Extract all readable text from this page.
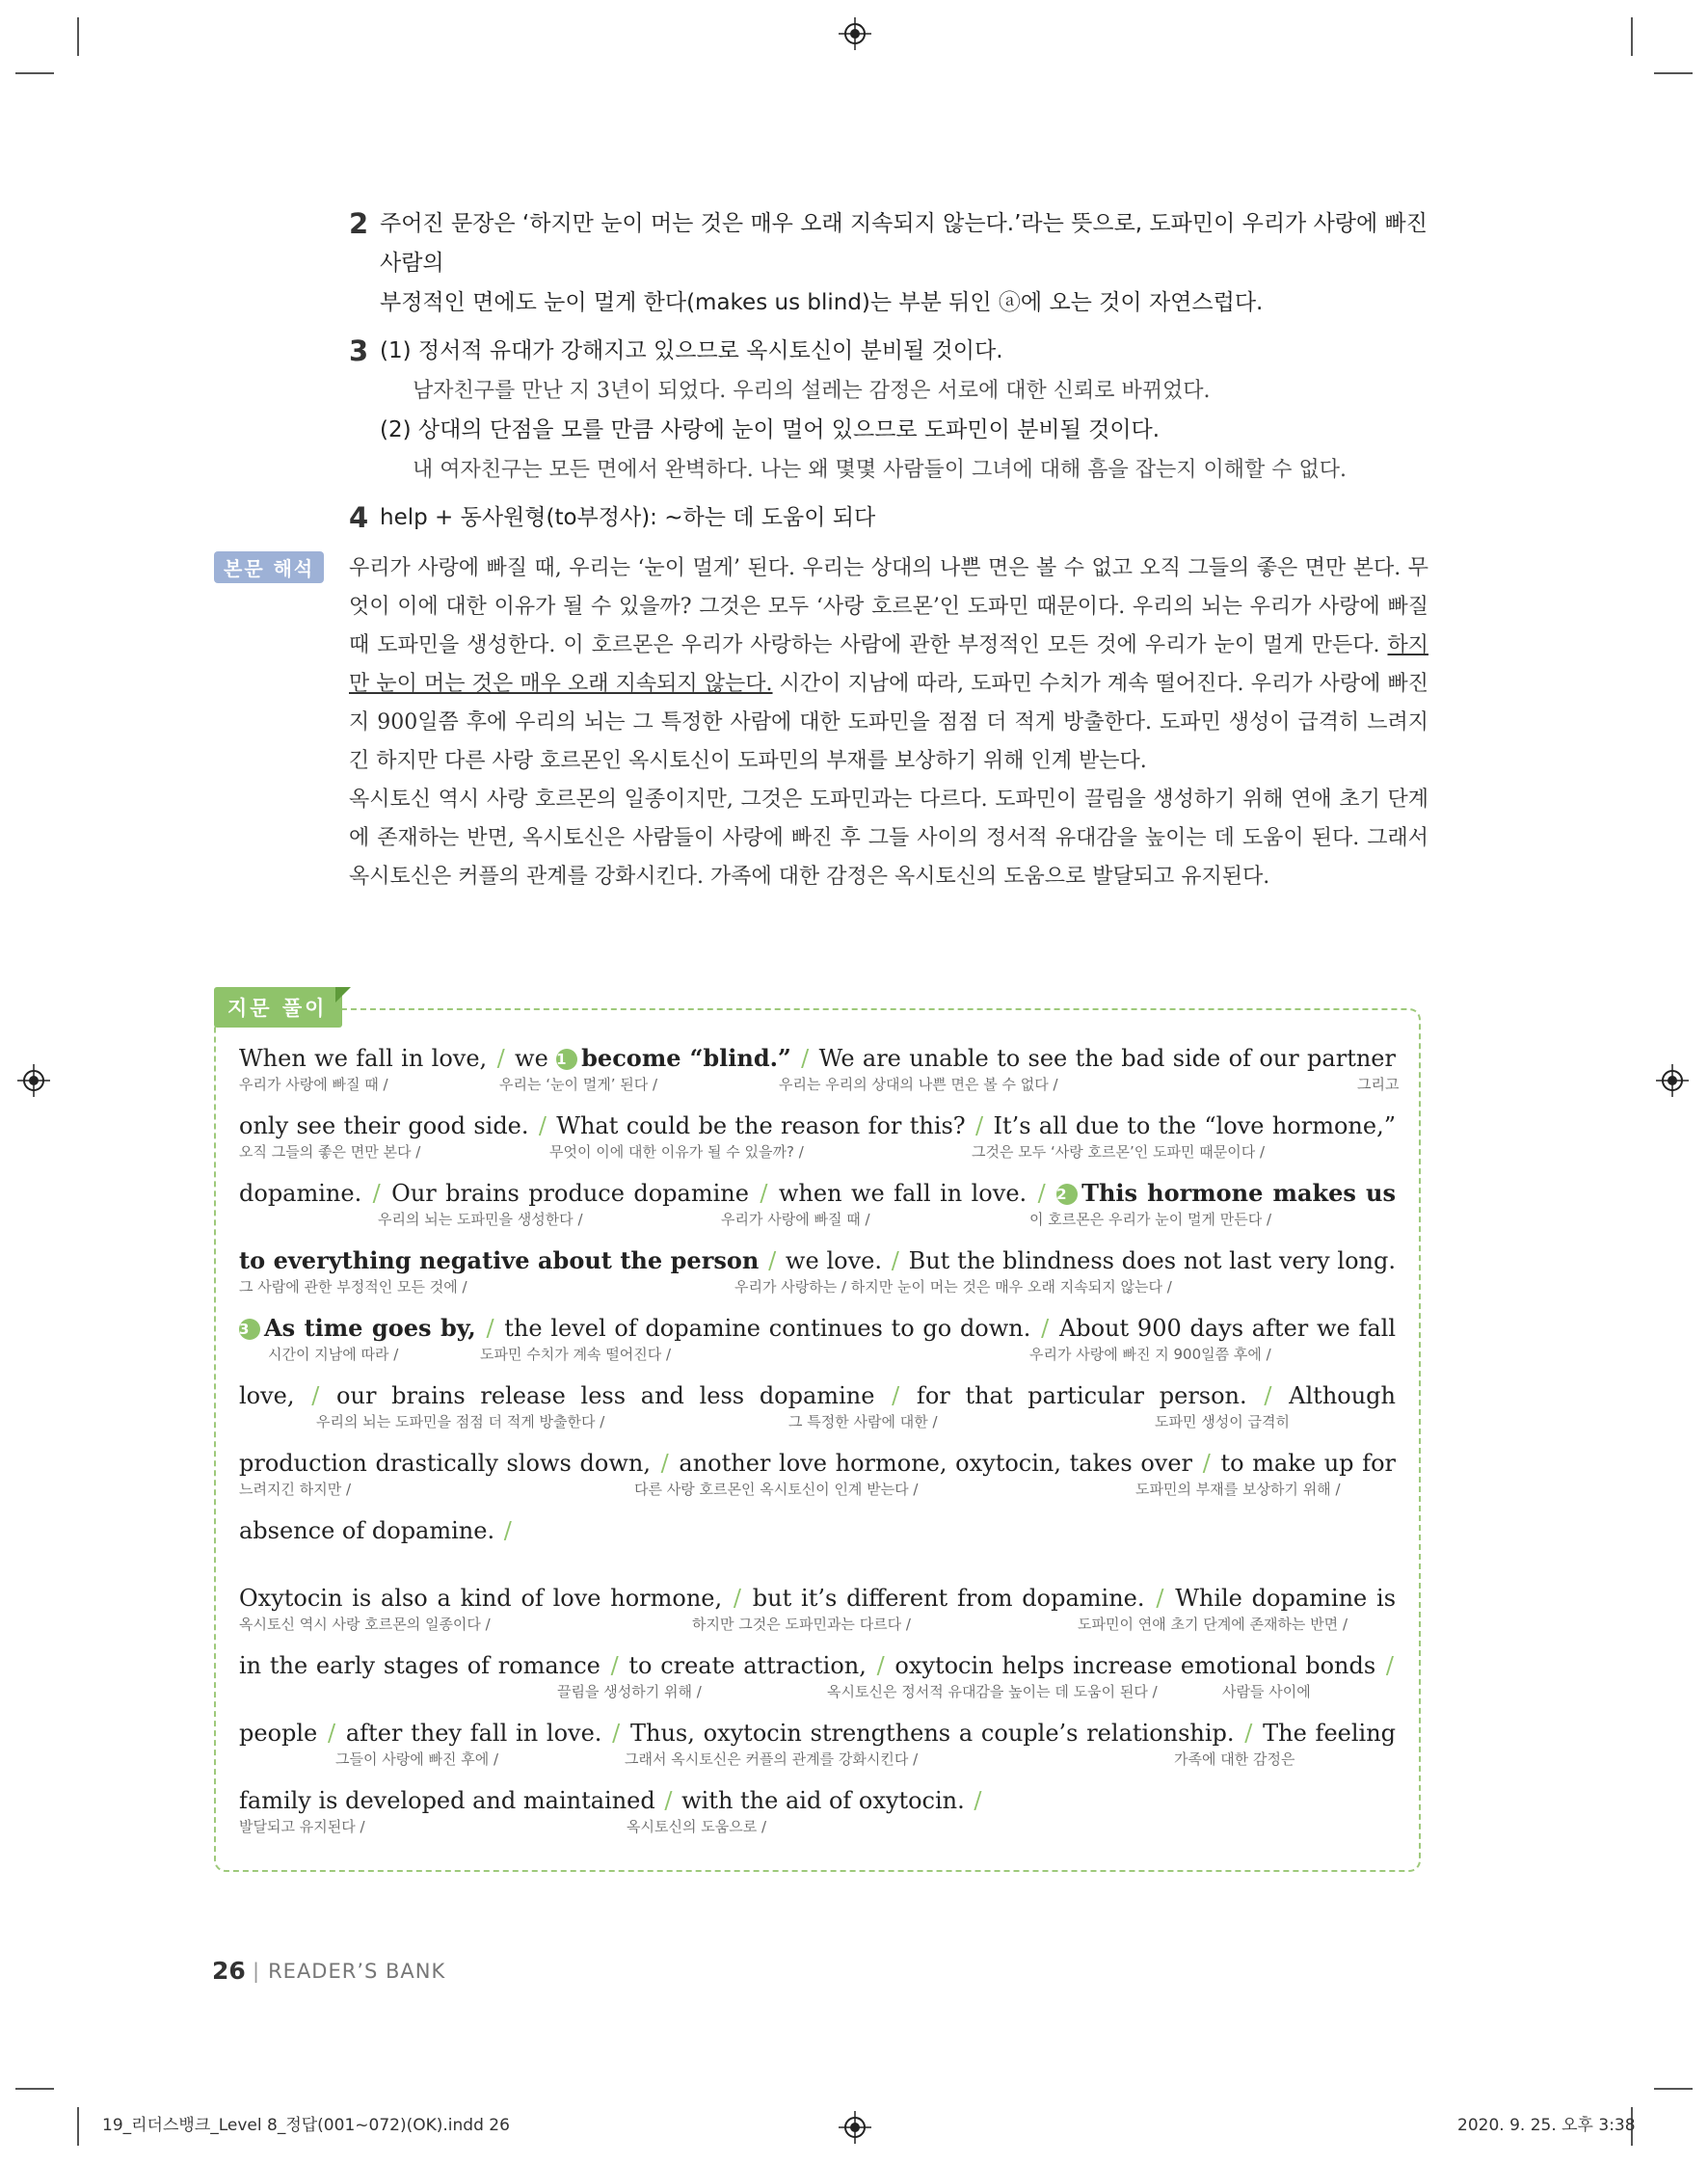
2 주어진 문장은 ‘하지만 눈이 머는 것은 매우 오래 지속되지 않는다.’라는 뜻으로, 도파민이 우리가 사랑에 빠진 사람의
부정적인 면에도 눈이 멀게 한다(makes us blind)는 부분 뒤인 ⓐ에 오는 것이 자연스럽다.
3 (1) 정서적 유대가 강해지고 있으므로 옥시토신이 분비될 것이다.
남자친구를 만난 지 3년이 되었다. 우리의 설레는 감정은 서로에 대한 신뢰로 바뀌었다.
(2) 상대의 단점을 모를 만큼 사랑에 눈이 멀어 있으므로 도파민이 분비될 것이다.
내 여자친구는 모든 면에서 완벽하다. 나는 왜 몇몇 사람들이 그녀에 대해 흠을 잡는지 이해할 수 없다.
4 help + 동사원형(to부정사): ~하는 데 도움이 되다
본문 해석	우리가 사랑에 빠질 때, 우리는 ‘눈이 멀게’ 된다. 우리는 상대의 나쁜 면은 볼 수 없고 오직 그들의 좋은 면만 본다. 무엇이 이에 대한 이유가 될 수 있을까? 그것은 모두 ‘사랑 호르몬’인 도파민 때문이다. 우리의 뇌는 우리가 사랑에 빠질 때 도파민을 생성한다. 이 호르몬은 우리가 사랑하는 사람에 관한 부정적인 모든 것에 우리가 눈이 멀게 만든다. 하지만 눈이 머는 것은 매우 오래 지속되지 않는다. 시간이 지남에 따라, 도파민 수치가 계속 떨어진다. 우리가 사랑에 빠진 지 900일쯤 후에 우리의 뇌는 그 특정한 사람에 대한 도파민을 점점 더 적게 방출한다. 도파민 생성이 급격히 느려지긴 하지만 다른 사랑 호르몬인 옥시토신이 도파민의 부재를 보상하기 위해 인계 받는다.

옥시토신 역시 사랑 호르몬의 일종이지만, 그것은 도파민과는 다르다. 도파민이 끌림을 생성하기 위해 연애 초기 단계에 존재하는 반면, 옥시토신은 사람들이 사랑에 빠진 후 그들 사이의 정서적 유대감을 높이는 데 도움이 된다. 그래서 옥시토신은 커플의 관계를 강화시킨다. 가족에 대한 감정은 옥시토신의 도움으로 발달되고 유지된다.

지문 풀이
When we fall in love, / we 1 become “blind.” / We are unable to see the bad side of our partner
우리가 사랑에 빠질 때 /	우리는 ‘눈이 멀게’ 된다 /	우리는 우리의 상대의 나쁜 면은 볼 수 없다 /	그리고
only see their good side. / What could be the reason for this? / It’s all due to the “love hormone,”
오직 그들의 좋은 면만 본다 /	무엇이 이에 대한 이유가 될 수 있을까? /	그것은 모두 ‘사랑 호르몬’인 도파민 때문이다 /
dopamine. / Our brains produce dopamine / when we fall in love. / 2 This hormone makes us
우리의 뇌는 도파민을 생성한다 /	우리가 사랑에 빠질 때 /	이 호르몬은 우리가 눈이 멀게 만든다 /
to everything negative about the person / we love. / But the blindness does not last very long.
그 사람에 관한 부정적인 모든 것에 /	우리가 사랑하는 / 하지만 눈이 머는 것은 매우 오래 지속되지 않는다 /
3 As time goes by, / the level of dopamine continues to go down. / About 900 days after we fall
시간이 지남에 따라 /	도파민 수치가 계속 떨어진다 /	우리가 사랑에 빠진 지 900일쯤 후에 /
love, / our brains release less and less dopamine / for that particular person. / Although
우리의 뇌는 도파민을 점점 더 적게 방출한다 /	그 특정한 사람에 대한 /	도파민 생성이 급격히
production drastically slows down, / another love hormone, oxytocin, takes over / to make up for
느려지긴 하지만 /	다른 사랑 호르몬인 옥시토신이 인계 받는다 /	도파민의 부재를 보상하기 위해 /
absence of dopamine. /
Oxytocin is also a kind of love hormone, / but it’s different from dopamine. / While dopamine is
옥시토신 역시 사랑 호르몬의 일종이다 /	하지만 그것은 도파민과는 다르다 /	도파민이 연애 초기 단계에 존재하는 반면 /
in the early stages of romance / to create attraction, / oxytocin helps increase emotional bonds /
끌림을 생성하기 위해 /	옥시토신은 정서적 유대감을 높이는 데 도움이 된다 /	사람들 사이에
people / after they fall in love. / Thus, oxytocin strengthens a couple’s relationship. / The feeling
그들이 사랑에 빠진 후에 /	그래서 옥시토신은 커플의 관계를 강화시킨다 /	가족에 대한 감정은
family is developed and maintained / with the aid of oxytocin. /
발달되고 유지된다 /	옥시토신의 도움으로 /
26 | READER’S BANK
19_리더스뱅크_Level 8_정답(001~072)(OK).indd 26	2020. 9. 25. 오후 3:38
